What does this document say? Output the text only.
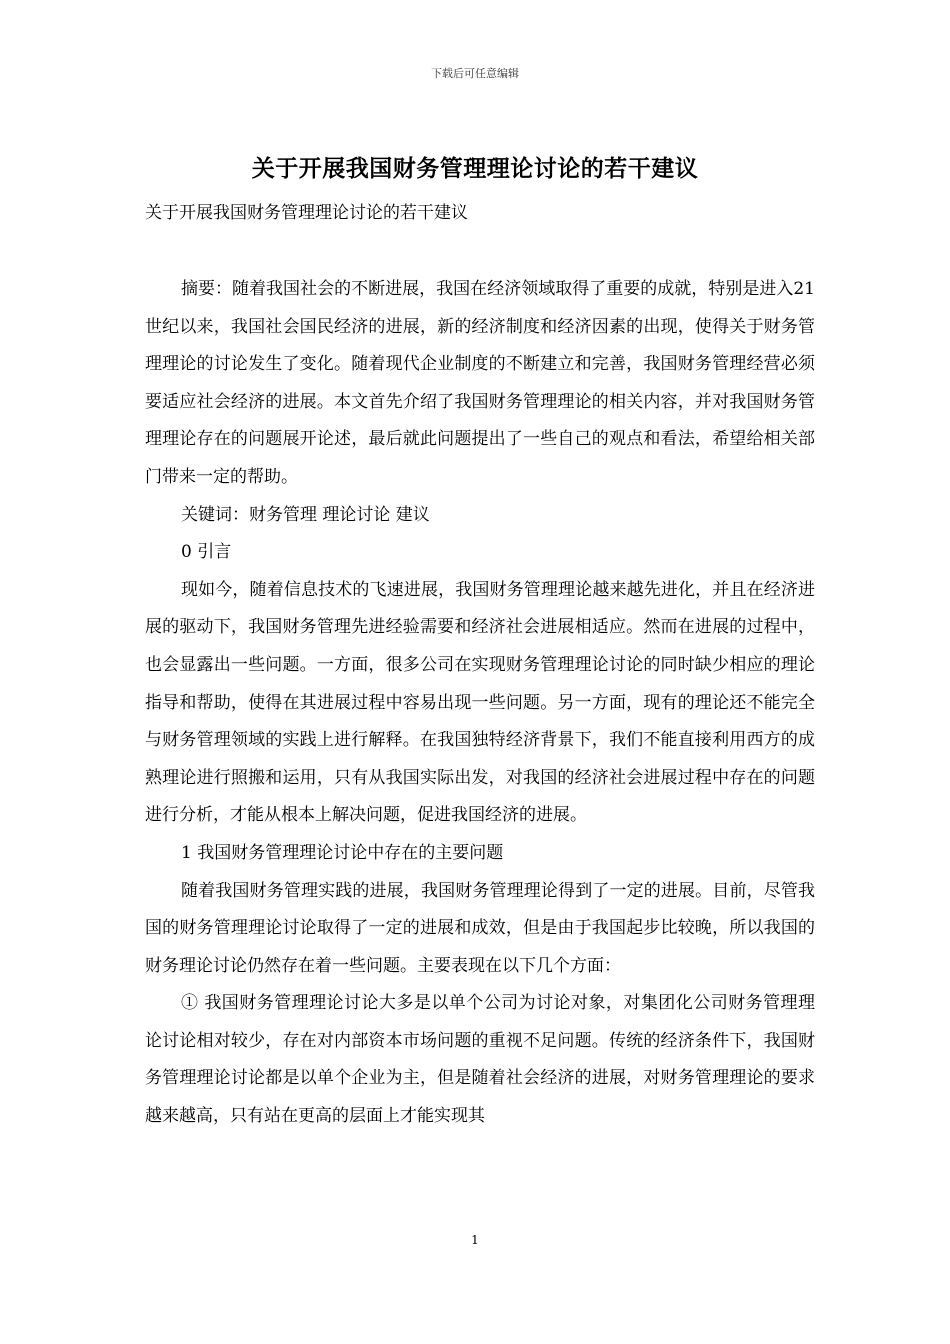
下载后可任意编辑
关于开展我国财务管理理论讨论的若干建议
关于开展我国财务管理理论讨论的若干建议

摘要：随着我国社会的不断进展，我国在经济领域取得了重要的成就，特别是进入21世纪以来，我国社会国民经济的进展，新的经济制度和经济因素的出现，使得关于财务管理理论的讨论发生了变化。随着现代企业制度的不断建立和完善，我国财务管理经营必须要适应社会经济的进展。本文首先介绍了我国财务管理理论的相关内容，并对我国财务管理理论存在的问题展开论述，最后就此问题提出了一些自己的观点和看法，希望给相关部门带来一定的帮助。

关键词：财务管理 理论讨论 建议

0 引言

现如今，随着信息技术的飞速进展，我国财务管理理论越来越先进化，并且在经济进展的驱动下，我国财务管理先进经验需要和经济社会进展相适应。然而在进展的过程中，也会显露出一些问题。一方面，很多公司在实现财务管理理论讨论的同时缺少相应的理论指导和帮助，使得在其进展过程中容易出现一些问题。另一方面，现有的理论还不能完全与财务管理领域的实践上进行解释。在我国独特经济背景下，我们不能直接利用西方的成熟理论进行照搬和运用，只有从我国实际出发，对我国的经济社会进展过程中存在的问题进行分析，才能从根本上解决问题，促进我国经济的进展。

1 我国财务管理理论讨论中存在的主要问题

随着我国财务管理实践的进展，我国财务管理理论得到了一定的进展。目前，尽管我国的财务管理理论讨论取得了一定的进展和成效，但是由于我国起步比较晚，所以我国的财务理论讨论仍然存在着一些问题。主要表现在以下几个方面：

① 我国财务管理理论讨论大多是以单个公司为讨论对象，对集团化公司财务管理理论讨论相对较少，存在对内部资本市场问题的重视不足问题。传统的经济条件下，我国财务管理理论讨论都是以单个企业为主，但是随着社会经济的进展，对财务管理理论的要求越来越高，只有站在更高的层面上才能实现其

1
